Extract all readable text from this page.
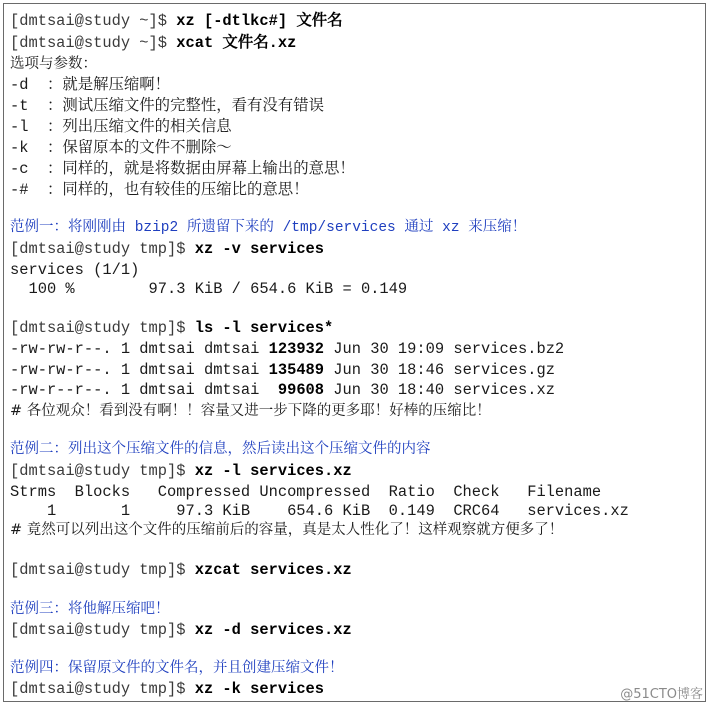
[dmtsai@study ~]$ xz [-dtlkc#] 文件名
[dmtsai@study ~]$ xcat 文件名.xz
选项与参数：
-d  ：就是解压缩啊！
-t  ：测试压缩文件的完整性，看有没有错误
-l  ：列出压缩文件的相关信息
-k  ：保留原本的文件不删除～
-c  ：同样的，就是将数据由屏幕上输出的意思！
-#  ：同样的，也有较佳的压缩比的意思！
范例一：将刚刚由 bzip2 所遗留下来的 /tmp/services 通过 xz 来压缩！
[dmtsai@study tmp]$ xz -v services
services (1/1)
100 %        97.3 KiB / 654.6 KiB = 0.149
[dmtsai@study tmp]$ ls -l services*
-rw-rw-r--. 1 dmtsai dmtsai 123932 Jun 30 19:09 services.bz2
-rw-rw-r--. 1 dmtsai dmtsai 135489 Jun 30 18:46 services.gz
-rw-r--r--. 1 dmtsai dmtsai  99608 Jun 30 18:40 services.xz
# 各位观众！看到没有啊！！容量又进一步下降的更多耶！好棒的压缩比！
范例二：列出这个压缩文件的信息，然后读出这个压缩文件的内容
[dmtsai@study tmp]$ xz -l services.xz
Strms  Blocks   Compressed Uncompressed  Ratio  Check   Filename
1       1     97.3 KiB    654.6 KiB  0.149  CRC64   services.xz
# 竟然可以列出这个文件的压缩前后的容量，真是太人性化了！这样观察就方便多了！
[dmtsai@study tmp]$ xzcat services.xz
范例三：将他解压缩吧！
[dmtsai@study tmp]$ xz -d services.xz
范例四：保留原文件的文件名，并且创建压缩文件！
[dmtsai@study tmp]$ xz -k services	@51CTO博客
